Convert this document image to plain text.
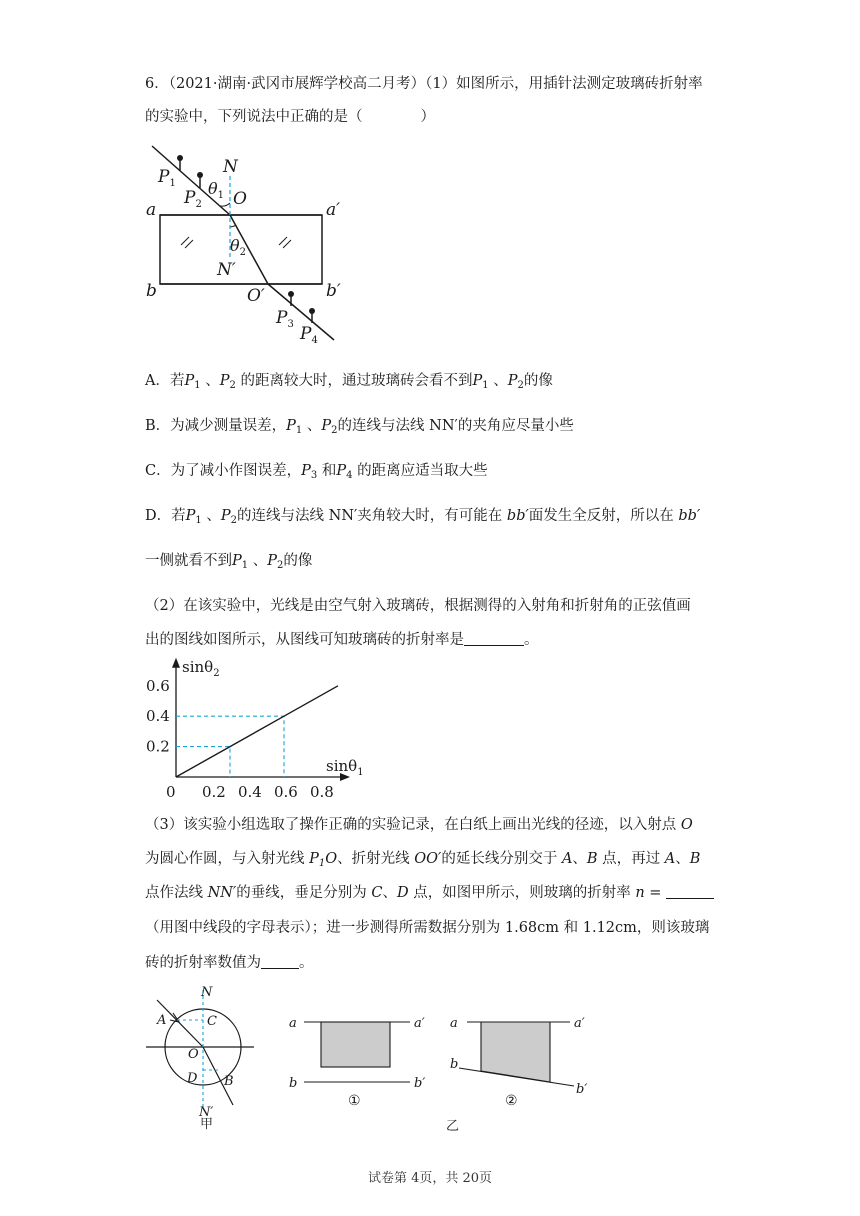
6．（2021·湖南·武冈市展辉学校高二月考）（1）如图所示，用插针法测定玻璃砖折射率
的实验中，下列说法中正确的是（　　　　）
$P_1$
$P_2$
$P_3$ $P_4$
N
$\theta_1$ O
$\theta_2$
N′
O′
a	a′
b	b′
A．若$P_1$ 、$P_2$ 的距离较大时，通过玻璃砖会看不到$P_1$ 、$P_2$的像
B．为减少测量误差，$P_1$ 、$P_2$的连线与法线 NN′的夹角应尽量小些
C．为了减小作图误差，$P_3$ 和$P_4$ 的距离应适当取大些
D．若$P_1$ 、$P_2$的连线与法线 NN′夹角较大时，有可能在 bb′面发生全反射，所以在 bb′
一侧就看不到$P_1$ 、$P_2$的像
（2）在该实验中，光线是由空气射入玻璃砖，根据测得的入射角和折射角的正弦值画
出的图线如图所示，从图线可知玻璃砖的折射率是	。
0 0.2 0.4 0.6 0.8
0.2
0.4
0.6
sinθ$_1$
sinθ$_2$
（3）该实验小组选取了操作正确的实验记录，在白纸上画出光线的径迹，以入射点 O
为圆心作圆，与入射光线 $P_1O$、折射光线 OO′的延长线分别交于 A、B 点，再过 A、B
点作法线 NN′的垂线，垂足分别为 C、D 点，如图甲所示，则玻璃的折射率 n =
（用图中线段的字母表示）；进一步测得所需数据分别为 1.68cm 和 1.12cm，则该玻璃
砖的折射率数值为	。
N
A	C
O
D B
N′
甲
a	a′
b	b′
①
a	a′
b
b′
②
乙
试卷第 4页，共 20页
